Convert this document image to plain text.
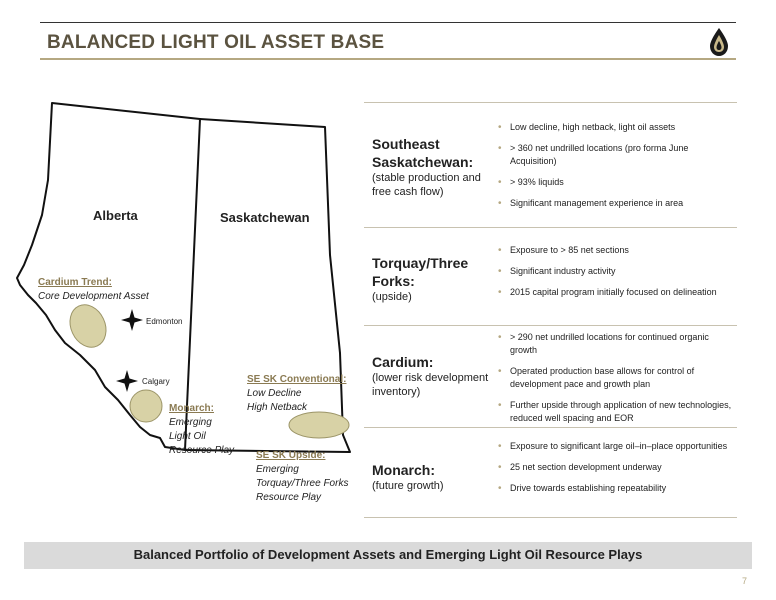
BALANCED LIGHT OIL ASSET BASE
Alberta	Saskatchewan
Edmonton
Calgary
Cardium Trend:
Core Development Asset
Monarch:
Emerging
Light Oil
Resource Play
SE SK Conventional:
Low Decline
High Netback
SE SK Upside:
Emerging
Torquay/Three Forks
Resource Play
Southeast
Saskatchewan:
(stable production and free cash flow)
• Low decline, high netback, light oil assets
• > 360 net undrilled locations (pro forma June Acquisition)
• > 93% liquids
• Significant management experience in area
Torquay/Three
Forks:
(upside)
• Exposure to > 85 net sections
• Significant industry activity
• 2015 capital program initially focused on delineation
Cardium:
(lower risk development inventory)
• > 290 net undrilled locations for continued organic growth
• Operated production base allows for control of development pace and growth plan
• Further upside through application of new technologies, reduced well spacing and EOR
Monarch:
(future growth)
• Exposure to significant large oil–in–place opportunities
• 25 net section development underway
• Drive towards establishing repeatability
Balanced Portfolio of Development Assets and Emerging Light Oil Resource Plays
7
